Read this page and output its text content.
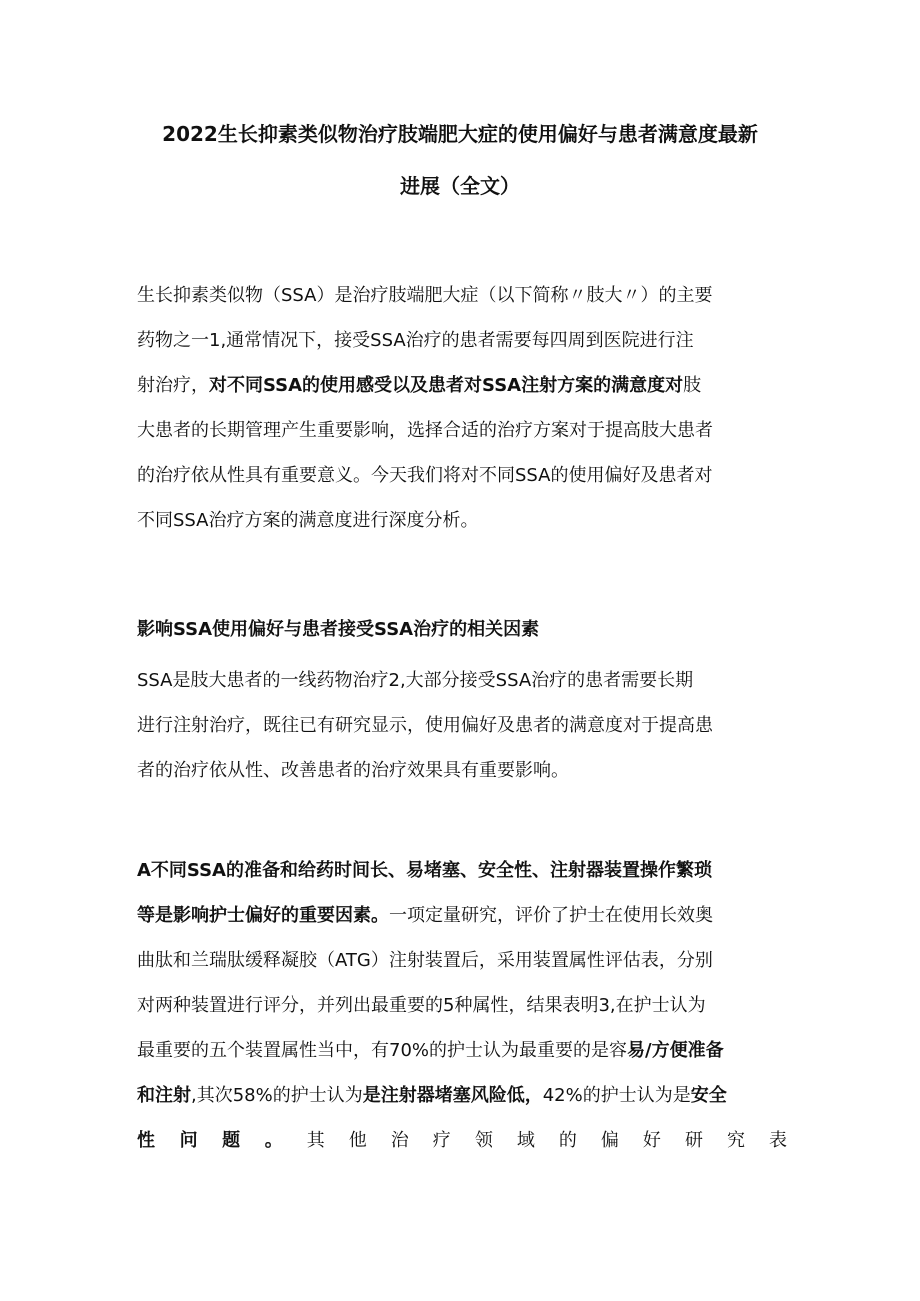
2022生长抑素类似物治疗肢端肥大症的使用偏好与患者满意度最新
进展（全文）
生长抑素类似物（SSA）是治疗肢端肥大症（以下简称〃肢大〃）的主要
药物之一1,通常情况下，接受SSA治疗的患者需要每四周到医院进行注
射治疗，对不同SSA的使用感受以及患者对SSA注射方案的满意度对肢
大患者的长期管理产生重要影响，选择合适的治疗方案对于提高肢大患者
的治疗依从性具有重要意义。今天我们将对不同SSA的使用偏好及患者对
不同SSA治疗方案的满意度进行深度分析。
影响SSA使用偏好与患者接受SSA治疗的相关因素
SSA是肢大患者的一线药物治疗2,大部分接受SSA治疗的患者需要长期
进行注射治疗，既往已有研究显示，使用偏好及患者的满意度对于提高患
者的治疗依从性、改善患者的治疗效果具有重要影响。
A不同SSA的准备和给药时间长、易堵塞、安全性、注射器装置操作繁琐
等是影响护士偏好的重要因素。一项定量研究，评价了护士在使用长效奥
曲肽和兰瑞肽缓释凝胶（ATG）注射装置后，采用装置属性评估表，分别
对两种装置进行评分，并列出最重要的5种属性，结果表明3,在护士认为
最重要的五个装置属性当中，有70%的护士认为最重要的是容易/方便准备
和注射,其次58%的护士认为是注射器堵塞风险低，42%的护士认为是安全
性 问 题 。 其 他 治 疗 领 域 的 偏 好 研 究 表
